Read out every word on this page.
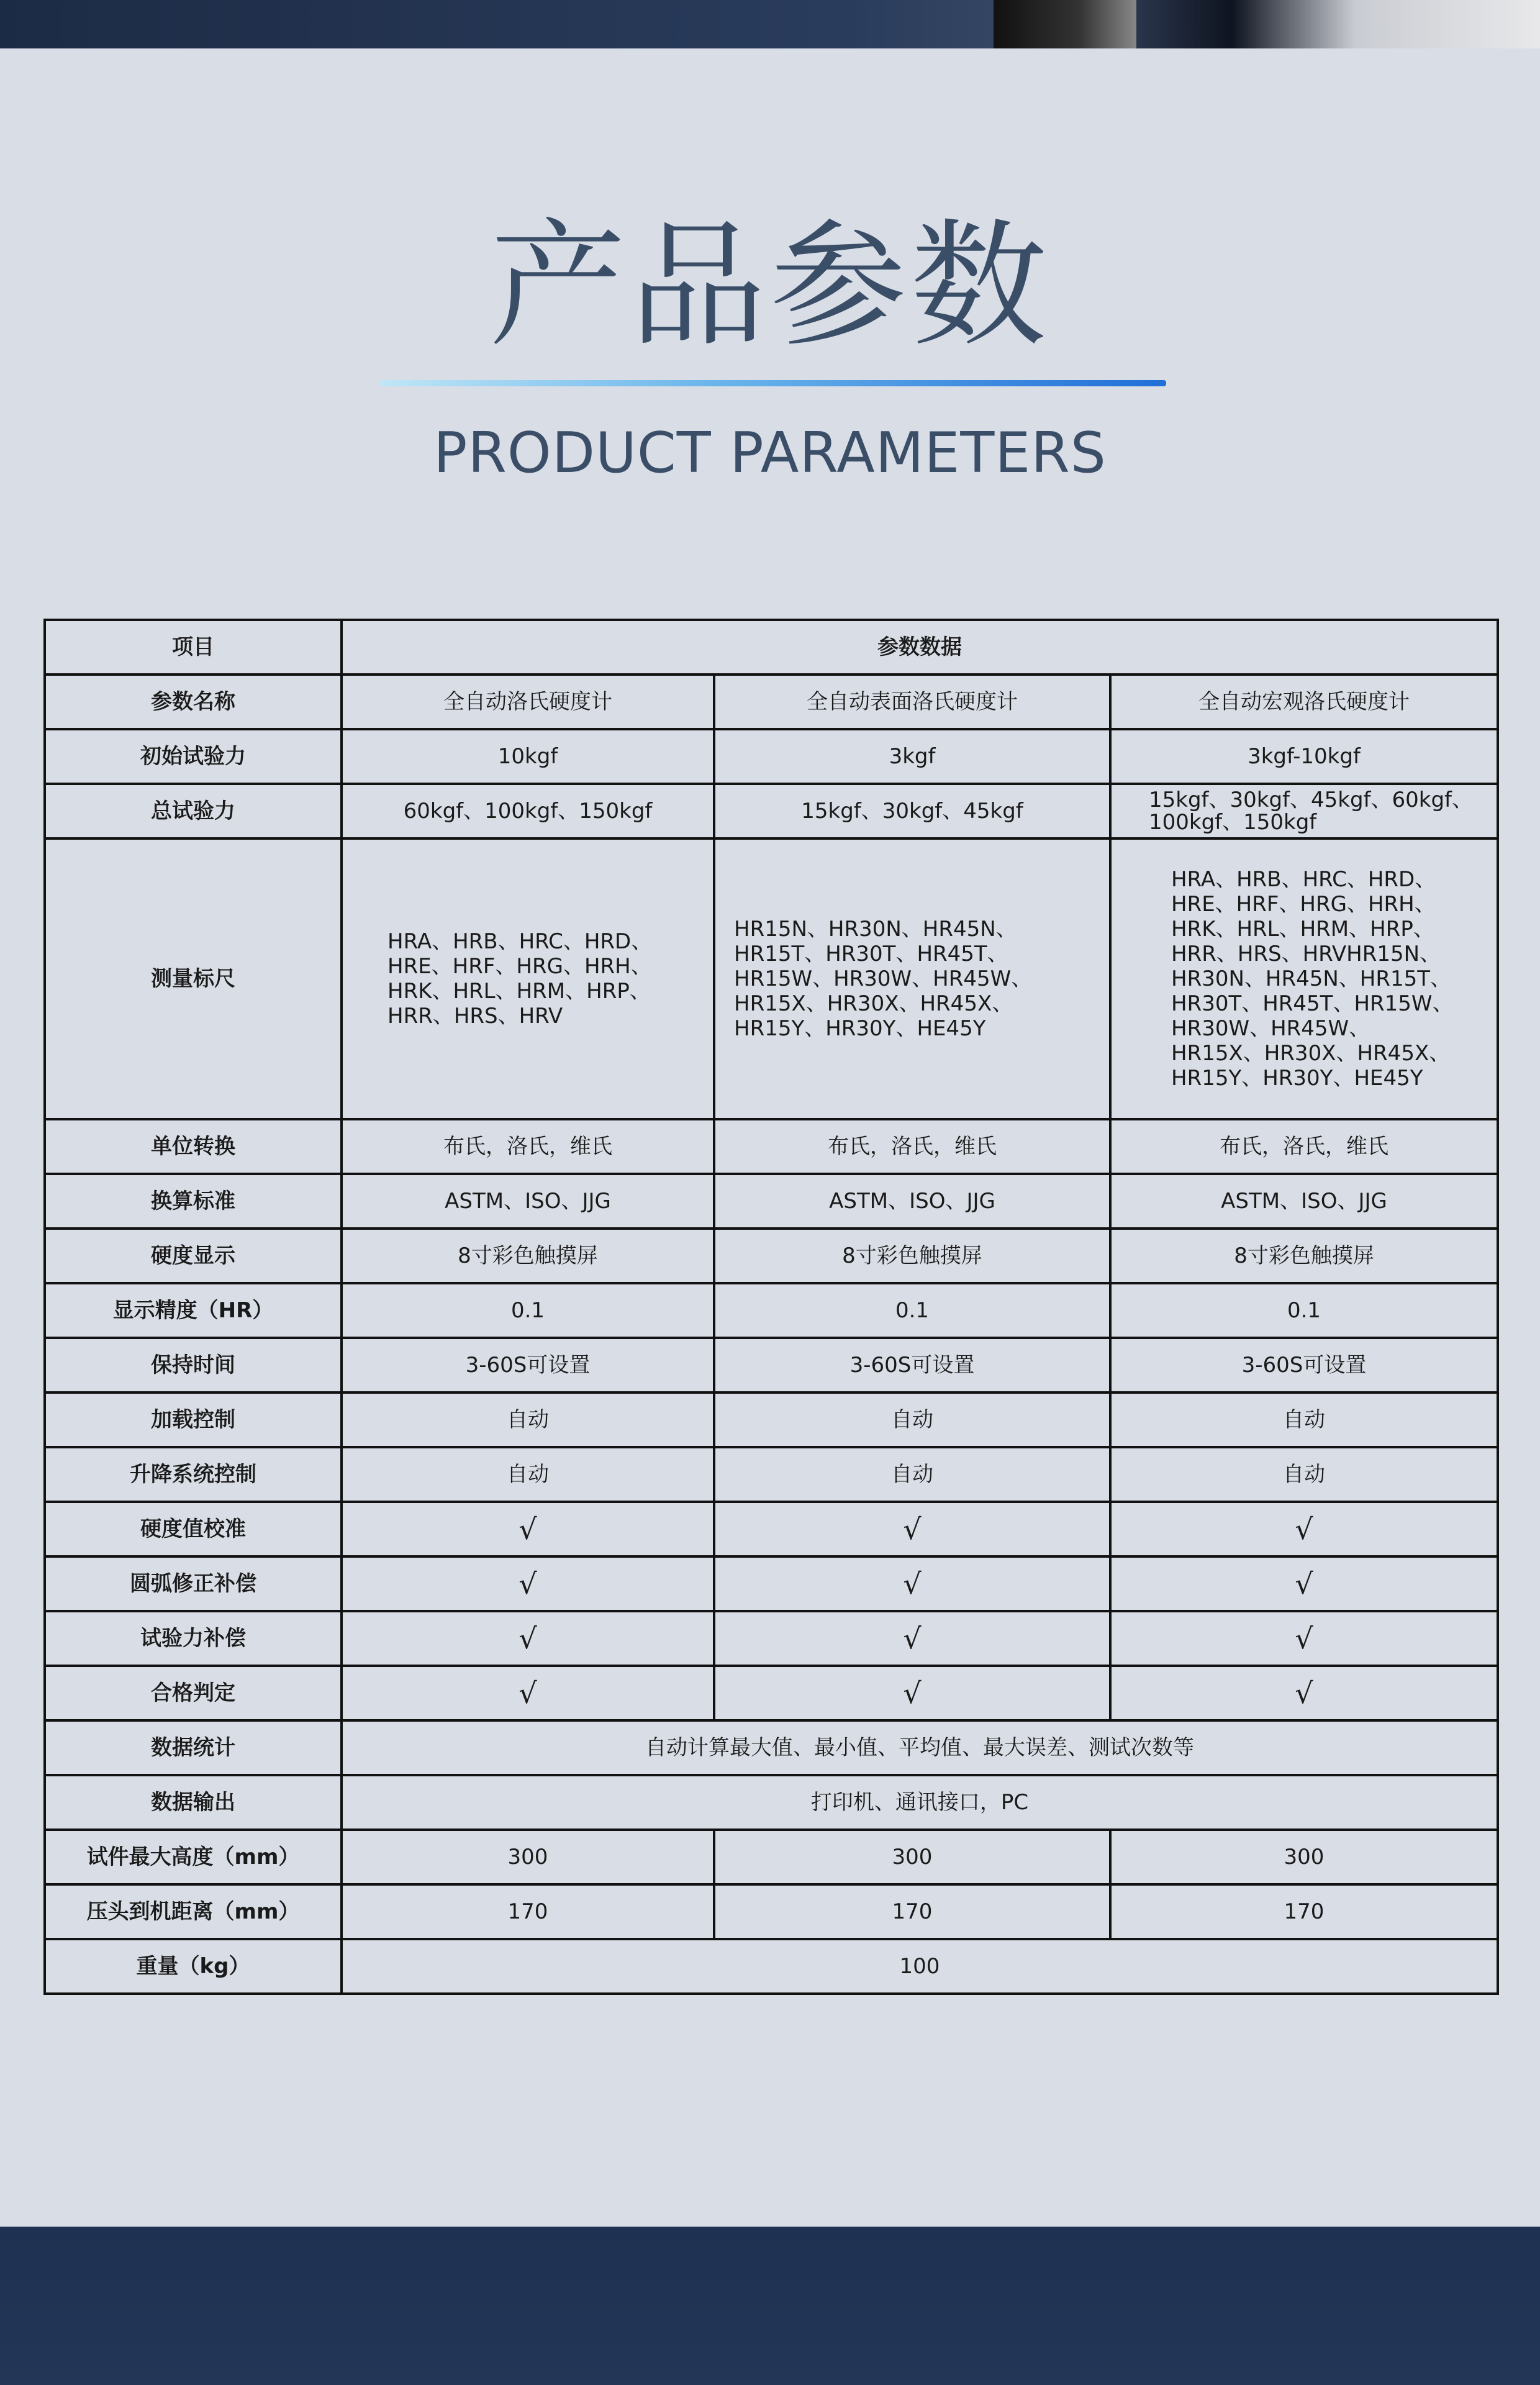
产品参数
PRODUCT PARAMETERS
项目	参数数据		
参数名称	全自动洛氏硬度计	全自动表面洛氏硬度计	全自动宏观洛氏硬度计
初始试验力	10kgf	3kgf	3kgf-10kgf
总试验力	60kgf、100kgf、150kgf	15kgf、30kgf、45kgf	15kgf、30kgf、45kgf、60kgf、100kgf、150kgf
测量标尺	HRA、HRB、HRC、HRD、HRE、HRF、HRG、HRH、HRK、HRL、HRM、HRP、HRR、HRS、HRV	HR15N、HR30N、HR45N、HR15T、HR30T、HR45T、HR15W、HR30W、HR45W、HR15X、HR30X、HR45X、HR15Y、HR30Y、HE45Y	HRA、HRB、HRC、HRD、HRE、HRF、HRG、HRH、HRK、HRL、HRM、HRP、HRR、HRS、HRVHR15N、HR30N、HR45N、HR15T、HR30T、HR45T、HR15W、HR30W、HR45W、HR15X、HR30X、HR45X、HR15Y、HR30Y、HE45Y
单位转换	布氏，洛氏，维氏	布氏，洛氏，维氏	布氏，洛氏，维氏
换算标准	ASTM、ISO、JJG	ASTM、ISO、JJG	ASTM、ISO、JJG
硬度显示	8寸彩色触摸屏	8寸彩色触摸屏	8寸彩色触摸屏
显示精度（HR）	0.1	0.1	0.1
保持时间	3-60S可设置	3-60S可设置	3-60S可设置
加载控制	自动	自动	自动
升降系统控制	自动	自动	自动
硬度值校准	√	√	√
圆弧修正补偿	√	√	√
试验力补偿	√	√	√
合格判定	√	√	√
数据统计	自动计算最大值、最小值、平均值、最大误差、测试次数等		
数据输出	打印机、通讯接口，PC		
试件最大高度（mm）	300	300	300
压头到机距离（mm）	170	170	170
重量（kg）	100		
